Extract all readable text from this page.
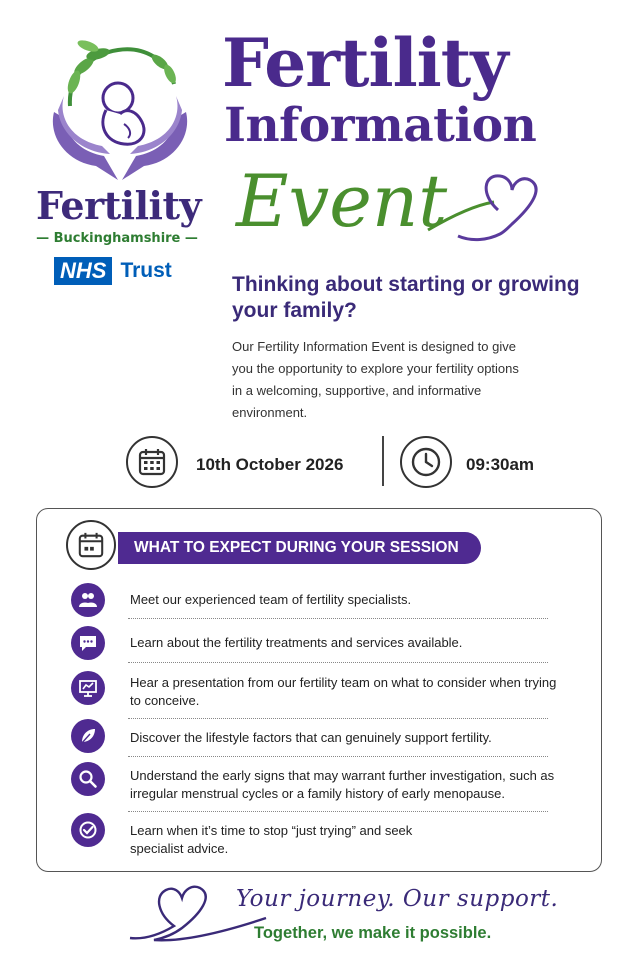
Fertility
— Buckinghamshire —
NHS Trust
Fertility
Information
Event
Thinking about starting or growing your family?
Our Fertility Information Event is designed to give you the opportunity to explore your fertility options in a welcoming, supportive, and informative environment.
10th October 2026	09:30am
WHAT TO EXPECT DURING YOUR SESSION
Meet our experienced team of fertility specialists.
Learn about the fertility treatments and services available.
Hear a presentation from our fertility team on what to consider when trying to conceive.
Discover the lifestyle factors that can genuinely support fertility.
Understand the early signs that may warrant further investigation, such as irregular menstrual cycles or a family history of early menopause.
Learn when it’s time to stop “just trying” and seek specialist advice.
Your journey. Our support.
Together, we make it possible.
